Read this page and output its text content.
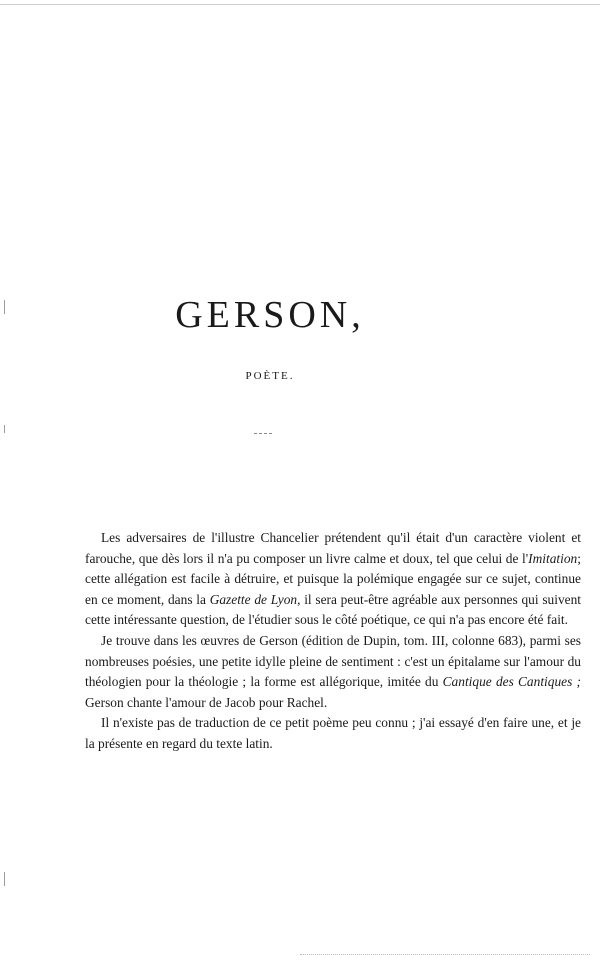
GERSON,
POÈTE.

Les adversaires de l'illustre Chancelier prétendent qu'il était d'un caractère violent et farouche, que dès lors il n'a pu composer un livre calme et doux, tel que celui de l'Imitation; cette allégation est facile à détruire, et puisque la polémique engagée sur ce sujet, continue en ce moment, dans la Gazette de Lyon, il sera peut-être agréable aux personnes qui suivent cette intéressante question, de l'étudier sous le côté poétique, ce qui n'a pas encore été fait.

Je trouve dans les œuvres de Gerson (édition de Dupin, tom. III, colonne 683), parmi ses nombreuses poésies, une petite idylle pleine de sentiment : c'est un épitalame sur l'amour du théologien pour la théologie ; la forme est allégorique, imitée du Cantique des Cantiques ; Gerson chante l'amour de Jacob pour Rachel.

Il n'existe pas de traduction de ce petit poème peu connu ; j'ai essayé d'en faire une, et je la présente en regard du texte latin.
